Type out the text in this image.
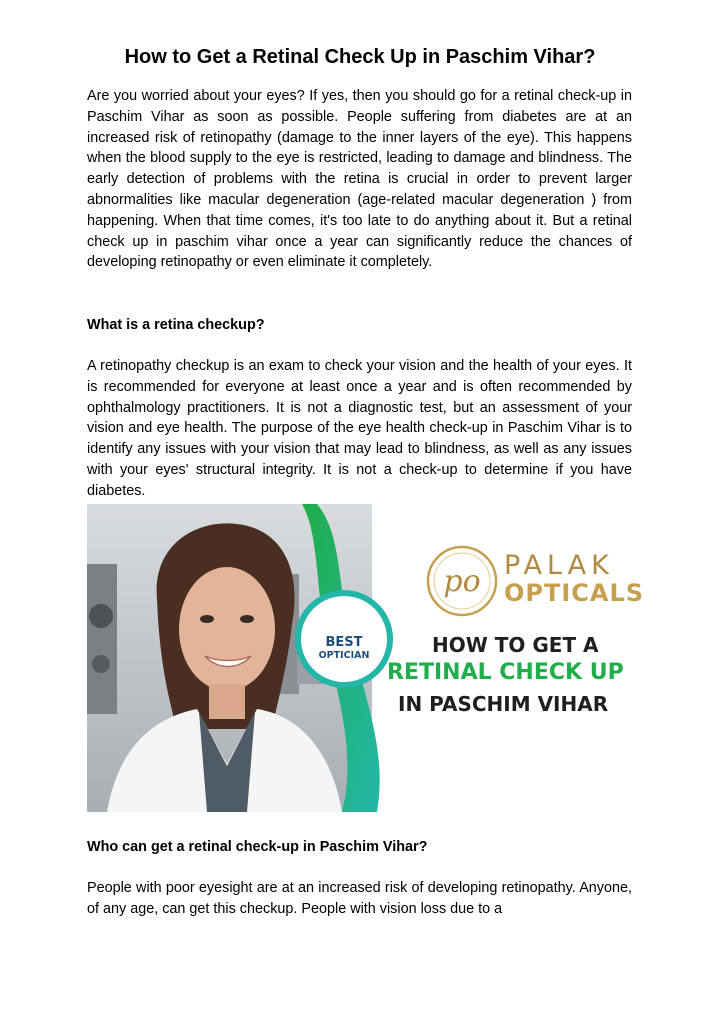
How to Get a Retinal Check Up in Paschim Vihar?

Are you worried about your eyes? If yes, then you should go for a retinal check-up in Paschim Vihar as soon as possible. People suffering from diabetes are at an increased risk of retinopathy (damage to the inner layers of the eye). This happens when the blood supply to the eye is restricted, leading to damage and blindness. The early detection of problems with the retina is crucial in order to prevent larger abnormalities like macular degeneration (age-related macular degeneration ) from happening. When that time comes, it's too late to do anything about it. But a retinal check up in paschim vihar once a year can significantly reduce the chances of developing retinopathy or even eliminate it completely.

What is a retina checkup?

A retinopathy checkup is an exam to check your vision and the health of your eyes. It is recommended for everyone at least once a year and is often recommended by ophthalmology practitioners. It is not a diagnostic test, but an assessment of your vision and eye health. The purpose of the eye health check-up in Paschim Vihar is to identify any issues with your vision that may lead to blindness, as well as any issues with your eyes' structural integrity. It is not a check-up to determine if you have diabetes.

BEST
OPTICIAN
po PALAK
OPTICALS
HOW TO GET A
RETINAL CHECK UP
IN PASCHIM VIHAR

Who can get a retinal check-up in Paschim Vihar?

People with poor eyesight are at an increased risk of developing retinopathy. Anyone, of any age, can get this checkup. People with vision loss due to a
